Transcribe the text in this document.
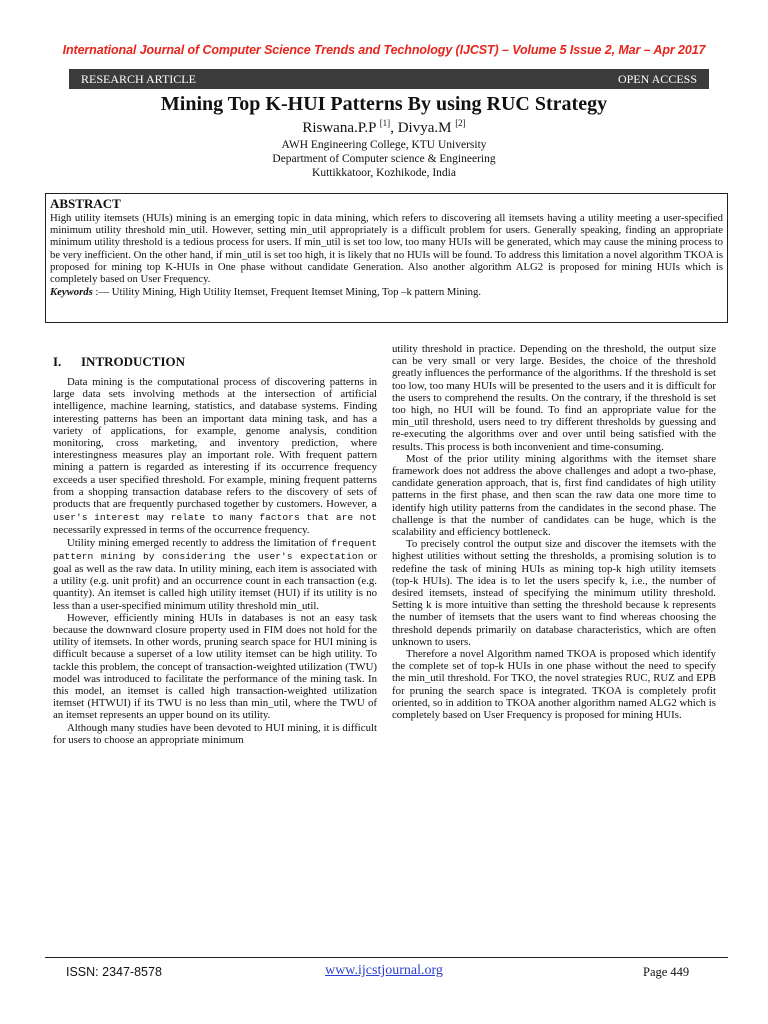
International Journal of Computer Science Trends and Technology (IJCST) – Volume 5 Issue 2, Mar – Apr 2017
RESEARCH ARTICLE	OPEN ACCESS
Mining Top K-HUI Patterns By using RUC Strategy
Riswana.P.P [1], Divya.M [2]
AWH Engineering College, KTU University
Department of Computer science & Engineering
Kuttikkatoor, Kozhikode, India
ABSTRACT

High utility itemsets (HUIs) mining is an emerging topic in data mining, which refers to discovering all itemsets having a utility meeting a user-specified minimum utility threshold min_util. However, setting min_util appropriately is a difficult problem for users. Generally speaking, finding an appropriate minimum utility threshold is a tedious process for users. If min_util is set too low, too many HUIs will be generated, which may cause the mining process to be very inefficient. On the other hand, if min_util is set too high, it is likely that no HUIs will be found. To address this limitation a novel algorithm TKOA is proposed for mining top K-HUIs in One phase without candidate Generation. Also another algorithm ALG2 is proposed for mining HUIs which is completely based on User Frequency.

Keywords :— Utility Mining, High Utility Itemset, Frequent Itemset Mining, Top –k pattern Mining.
I. INTRODUCTION

Data mining is the computational process of discovering patterns in large data sets involving methods at the intersection of artificial intelligence, machine learning, statistics, and database systems. Finding interesting patterns has been an important data mining task, and has a variety of applications, for example, genome analysis, condition monitoring, cross marketing, and inventory prediction, where interestingness measures play an important role. With frequent pattern mining a pattern is regarded as interesting if its occurrence frequency exceeds a user specified threshold. For example, mining frequent patterns from a shopping transaction database refers to the discovery of sets of products that are frequently purchased together by customers. However, a user's interest may relate to many factors that are not necessarily expressed in terms of the occurrence frequency.

Utility mining emerged recently to address the limitation of frequent pattern mining by considering the user's expectation or goal as well as the raw data. In utility mining, each item is associated with a utility (e.g. unit profit) and an occurrence count in each transaction (e.g. quantity). An itemset is called high utility itemset (HUI) if its utility is no less than a user-specified minimum utility threshold min_util.

However, efficiently mining HUIs in databases is not an easy task because the downward closure property used in FIM does not hold for the utility of itemsets. In other words, pruning search space for HUI mining is difficult because a superset of a low utility itemset can be high utility. To tackle this problem, the concept of transaction-weighted utilization (TWU) model was introduced to facilitate the performance of the mining task. In this model, an itemset is called high transaction-weighted utilization itemset (HTWUI) if its TWU is no less than min_util, where the TWU of an itemset represents an upper bound on its utility.

Although many studies have been devoted to HUI mining, it is difficult for users to choose an appropriate minimum

utility threshold in practice. Depending on the threshold, the output size can be very small or very large. Besides, the choice of the threshold greatly influences the performance of the algorithms. If the threshold is set too low, too many HUIs will be presented to the users and it is difficult for the users to comprehend the results. On the contrary, if the threshold is set too high, no HUI will be found. To find an appropriate value for the min_util threshold, users need to try different thresholds by guessing and re-executing the algorithms over and over until being satisfied with the results. This process is both inconvenient and time-consuming.

Most of the prior utility mining algorithms with the itemset share framework does not address the above challenges and adopt a two-phase, candidate generation approach, that is, first find candidates of high utility patterns in the first phase, and then scan the raw data one more time to identify high utility patterns from the candidates in the second phase. The challenge is that the number of candidates can be huge, which is the scalability and efficiency bottleneck.

To precisely control the output size and discover the itemsets with the highest utilities without setting the thresholds, a promising solution is to redefine the task of mining HUIs as mining top-k high utility itemsets (top-k HUIs). The idea is to let the users specify k, i.e., the number of desired itemsets, instead of specifying the minimum utility threshold. Setting k is more intuitive than setting the threshold because k represents the number of itemsets that the users want to find whereas choosing the threshold depends primarily on database characteristics, which are often unknown to users.

Therefore a novel Algorithm named TKOA is proposed which identify the complete set of top-k HUIs in one phase without the need to specify the min_util threshold. For TKO, the novel strategies RUC, RUZ and EPB for pruning the search space is integrated. TKOA is completely profit oriented, so in addition to TKOA another algorithm named ALG2 which is completely based on User Frequency is proposed for mining HUIs.

ISSN: 2347-8578	www.ijcstjournal.org	Page 449
